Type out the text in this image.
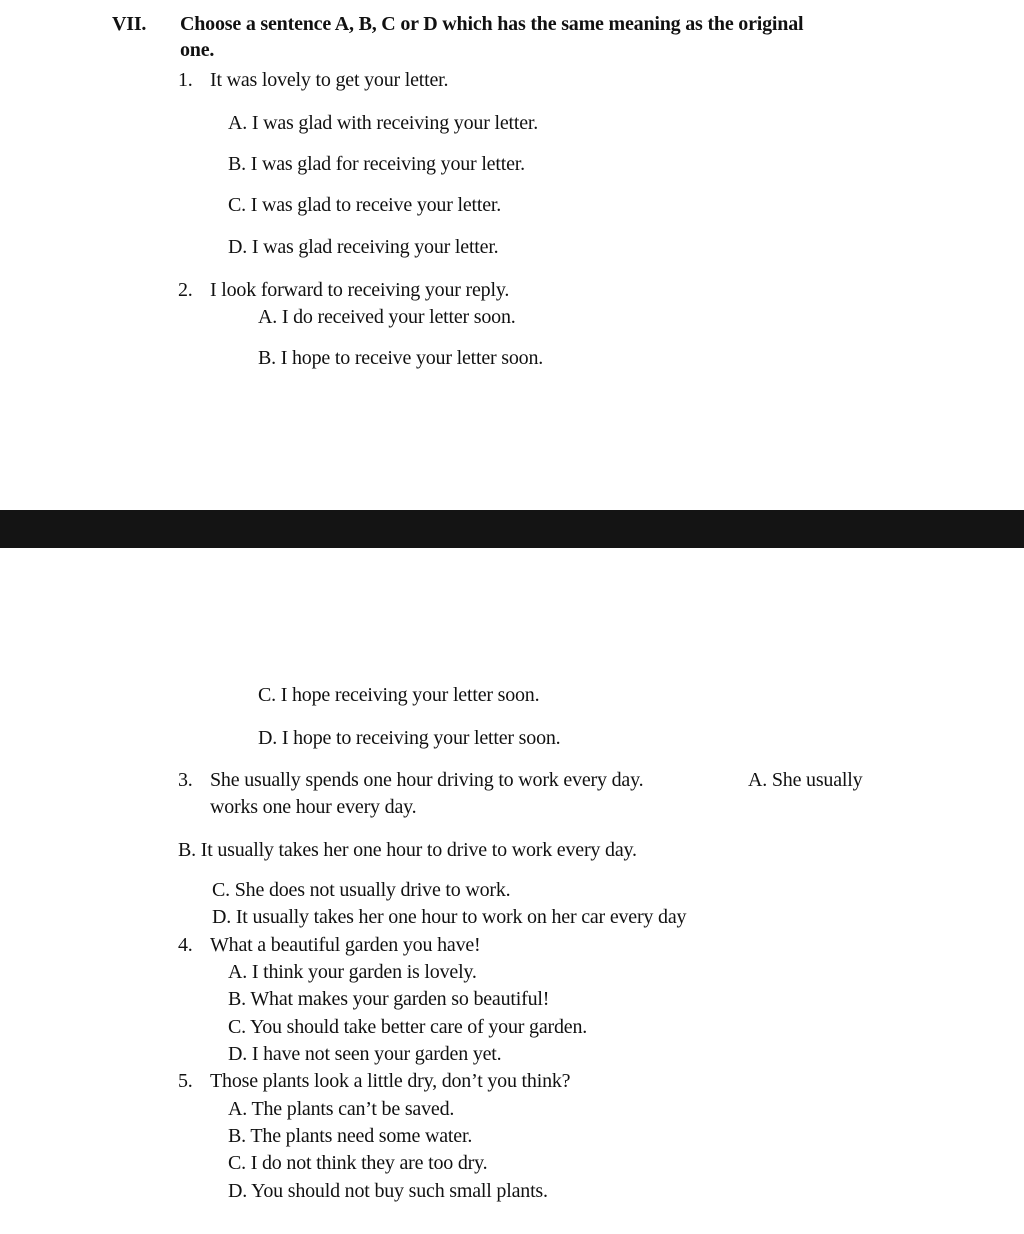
VII. Choose a sentence A, B, C or D which has the same meaning as the original
one.
1. It was lovely to get your letter.
A. I was glad with receiving your letter.
B. I was glad for receiving your letter.
C. I was glad to receive your letter.
D. I was glad receiving your letter.
2. I look forward to receiving your reply.
A. I do received your letter soon.
B. I hope to receive your letter soon.
C. I hope receiving your letter soon.
D. I hope to receiving your letter soon.
3. She usually spends one hour driving to work every day.	A. She usually
works one hour every day.
B. It usually takes her one hour to drive to work every day.
C. She does not usually drive to work.
D. It usually takes her one hour to work on her car every day
4. What a beautiful garden you have!
A. I think your garden is lovely.
B. What makes your garden so beautiful!
C. You should take better care of your garden.
D. I have not seen your garden yet.
5. Those plants look a little dry, don’t you think?
A. The plants can’t be saved.
B. The plants need some water.
C. I do not think they are too dry.
D. You should not buy such small plants.
